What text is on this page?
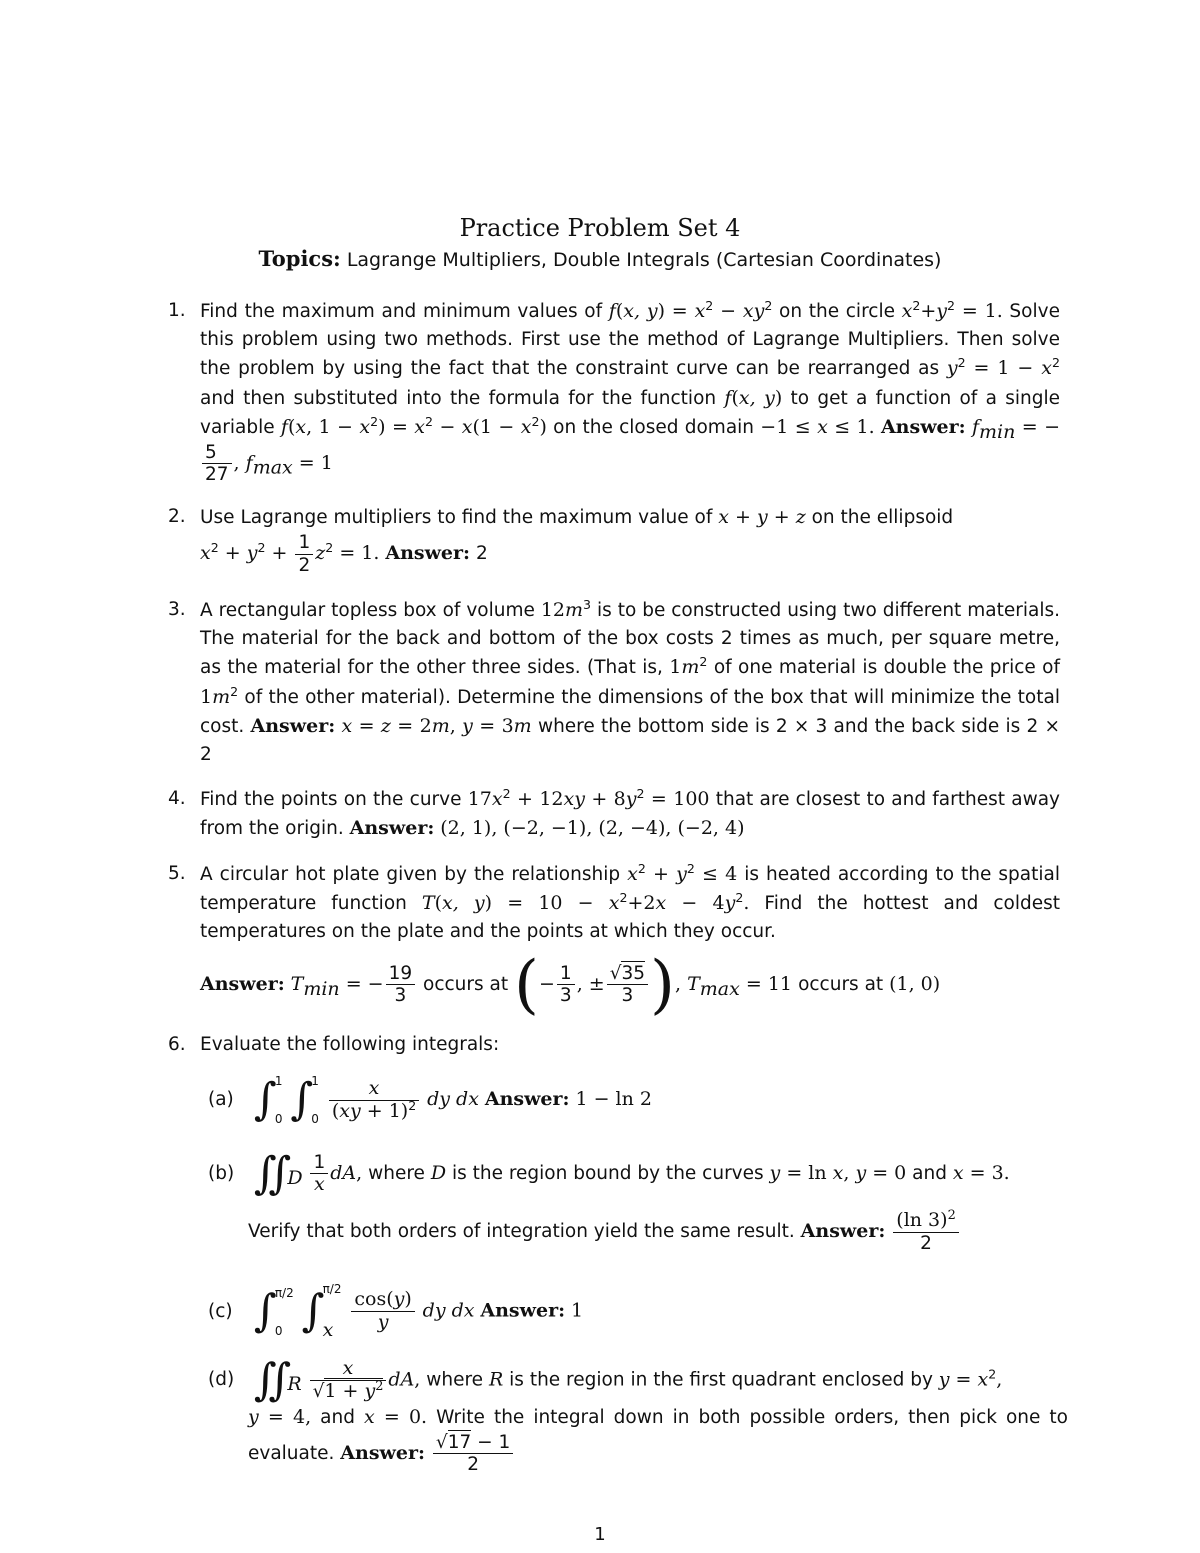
Practice Problem Set 4
Topics: Lagrange Multipliers, Double Integrals (Cartesian Coordinates)
1. Find the maximum and minimum values of f(x, $y) = x^2 - xy^2$ on the circle $x^2+y^2 = 1$. Solve this problem using two methods. First use the method of Lagrange Multipliers. Then solve the problem by using the fact that the constraint curve can be rearranged as $y^2 = 1 - x^2$ and then substituted into the formula for the function f(x, y) to get a function of a single variable f(x, $1 - x^2) = x^2 - x(1 - x^2)$ on the closed domain −1 ≤ x ≤ 1. Answer: $f_{min}$ = −
$\frac{5}{27}$ , $f_{max} = 1$
2. Use Lagrange multipliers to find the maximum value of x + y + z on the ellipsoid
$x^2 + y^2 + \frac{1}{2} z^2 = 1$. Answer: 2
3. A rectangular topless box of volume $12m^3$ is to be constructed using two different materials. The material for the back and bottom of the box costs 2 times as much, per square metre, as the material for the other three sides. (That is, $1m^2$ of one material is double the price of $1m^2$ of the other material). Determine the dimensions of the box that will minimize the total cost. Answer: x = z = 2m, y = 3m where the bottom side is 2 × 3 and the back side is 2 × 2
4. Find the points on the curve $17x^2 + 12xy + 8y^2 = 100$ that are closest to and farthest away from the origin. Answer: (2, 1), (−2, −1), (2, −4), (−2, 4)
5. A circular hot plate given by the relationship $x^2 + y^2 \le 4$ is heated according to the spatial temperature function T(x, $y) = 10 - x^2+2x - 4y^2$. Find the hottest and coldest temperatures on the plate and the points at which they occur.
Answer: $T_{min}$ = − $\frac{19}{3}$ occurs at (− $\frac{1}{3}$ , ± $\frac{√35}{3}$ ), $T_{max} = 11$ occurs at (1, 0)
6. Evaluate the following integrals:
(a) ∫
1
0 ∫
1
0
$\frac{x}{(xy + 1)^2}$ dy dx Answer: 1 − ln 2
(b) $∬_D \frac{1}{x}$ dA, where D is the region bound by the curves y = ln x, y = 0 and x = 3.
Verify that both orders of integration yield the same result. Answer: $\frac{(\ln 3)^2}{2}$
(c) ∫
π/2
0 ∫
π/2
x
$\frac{\cos(y)}{y}$ dy dx Answer: 1
(d) $∬_R \frac{x}{√1 + y^2}$ dA, where R is the region in the first quadrant enclosed by $y = x^2$,
y = 4, and x = 0. Write the integral down in both possible orders, then pick one to evaluate. Answer: $\frac{√17 - 1}{2}$
1
